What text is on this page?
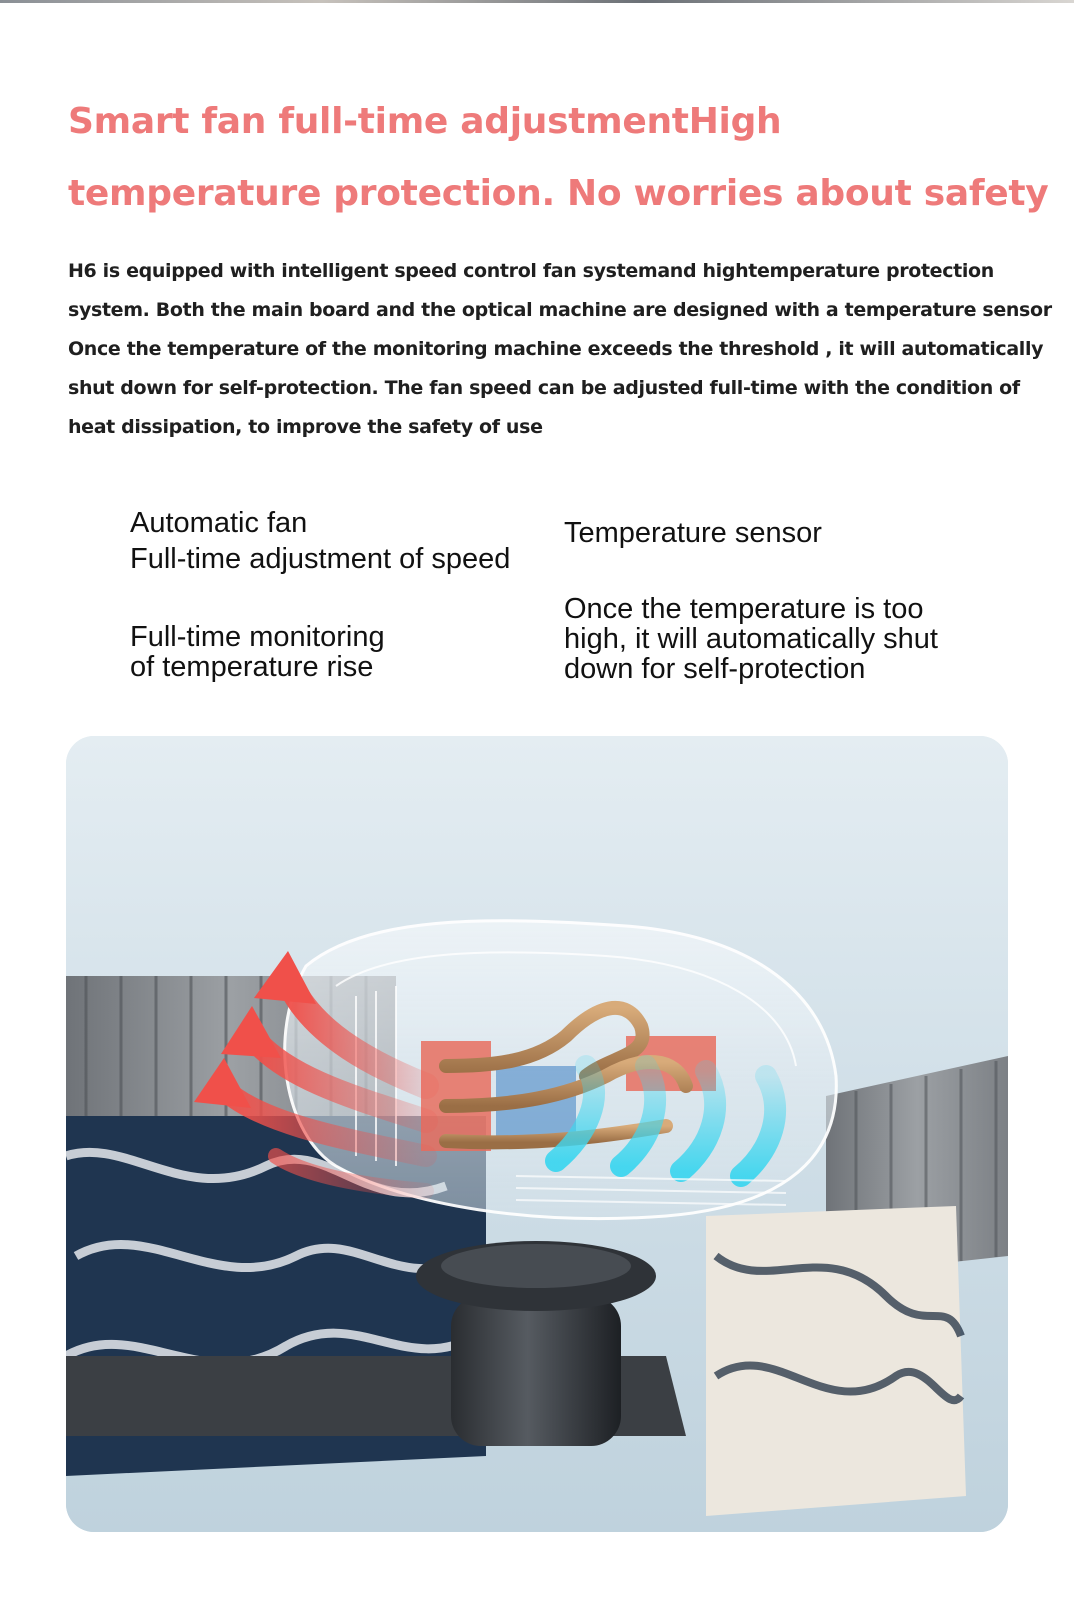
Smart fan full-time adjustmentHigh
temperature protection. No worries about safety
H6 is equipped with intelligent speed control fan systemand hightemperature protection
system. Both the main board and the optical machine are designed with a temperature sensor
Once the temperature of the monitoring machine exceeds the threshold , it will automatically
shut down for self-protection. The fan speed can be adjusted full-time with the condition of
heat dissipation, to improve the safety of use
Automatic fan
Full-time adjustment of speed
Temperature sensor
Full-time monitoring
of temperature rise
Once the temperature is too
high, it will automatically shut
down for self-protection
